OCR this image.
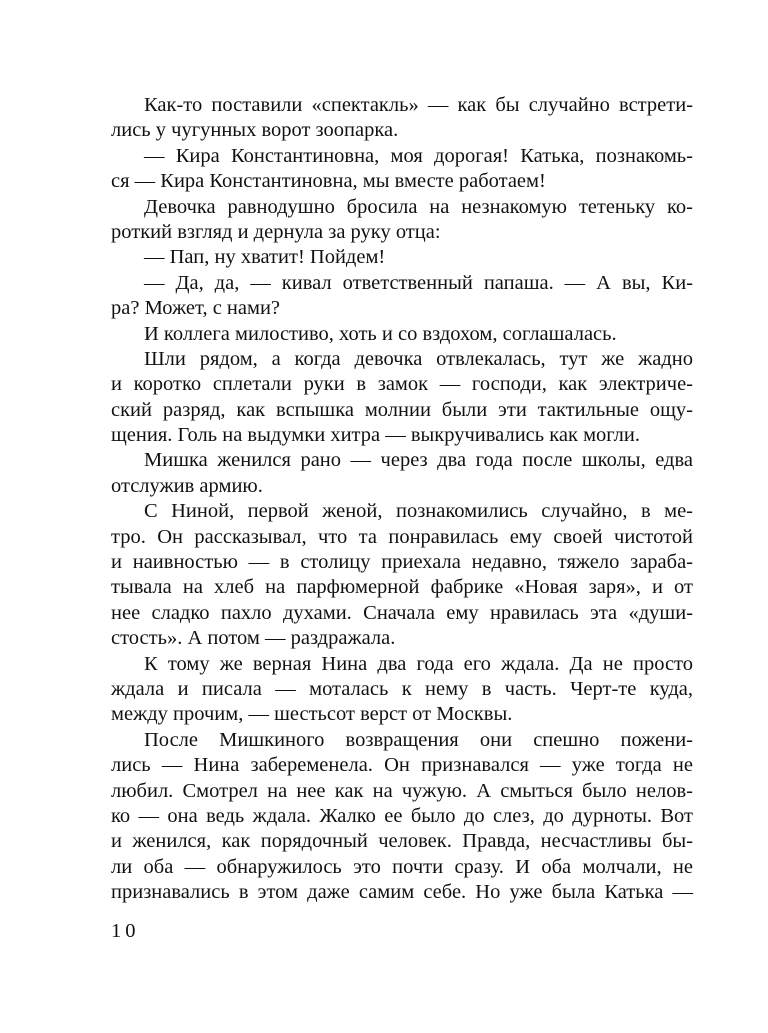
Как-то поставили «спектакль» — как бы случайно встрети-
лись у чугунных ворот зоопарка.
— Кира Константиновна, моя дорогая! Катька, познакомь-
ся — Кира Константиновна, мы вместе работаем!
Девочка равнодушно бросила на незнакомую тетеньку ко-
роткий взгляд и дернула за руку отца:
— Пап, ну хватит! Пойдем!
— Да, да, — кивал ответственный папаша. — А вы, Ки-
ра? Может, с нами?
И коллега милостиво, хоть и со вздохом, соглашалась.
Шли рядом, а когда девочка отвлекалась, тут же жадно
и коротко сплетали руки в замок — господи, как электриче-
ский разряд, как вспышка молнии были эти тактильные ощу-
щения. Голь на выдумки хитра — выкручивались как могли.
Мишка женился рано — через два года после школы, едва
отслужив армию.
С Ниной, первой женой, познакомились случайно, в ме-
тро. Он рассказывал, что та понравилась ему своей чистотой
и наивностью — в столицу приехала недавно, тяжело зараба-
тывала на хлеб на парфюмерной фабрике «Новая заря», и от
нее сладко пахло духами. Сначала ему нравилась эта «души-
стость». А потом — раздражала.
К тому же верная Нина два года его ждала. Да не просто
ждала и писала — моталась к нему в часть. Черт-те куда,
между прочим, — шестьсот верст от Москвы.
После Мишкиного возвращения они спешно пожени-
лись — Нина забеременела. Он признавался — уже тогда не
любил. Смотрел на нее как на чужую. А смыться было нелов-
ко — она ведь ждала. Жалко ее было до слез, до дурноты. Вот
и женился, как порядочный человек. Правда, несчастливы бы-
ли оба — обнаружилось это почти сразу. И оба молчали, не
признавались в этом даже самим себе. Но уже была Катька —
10
